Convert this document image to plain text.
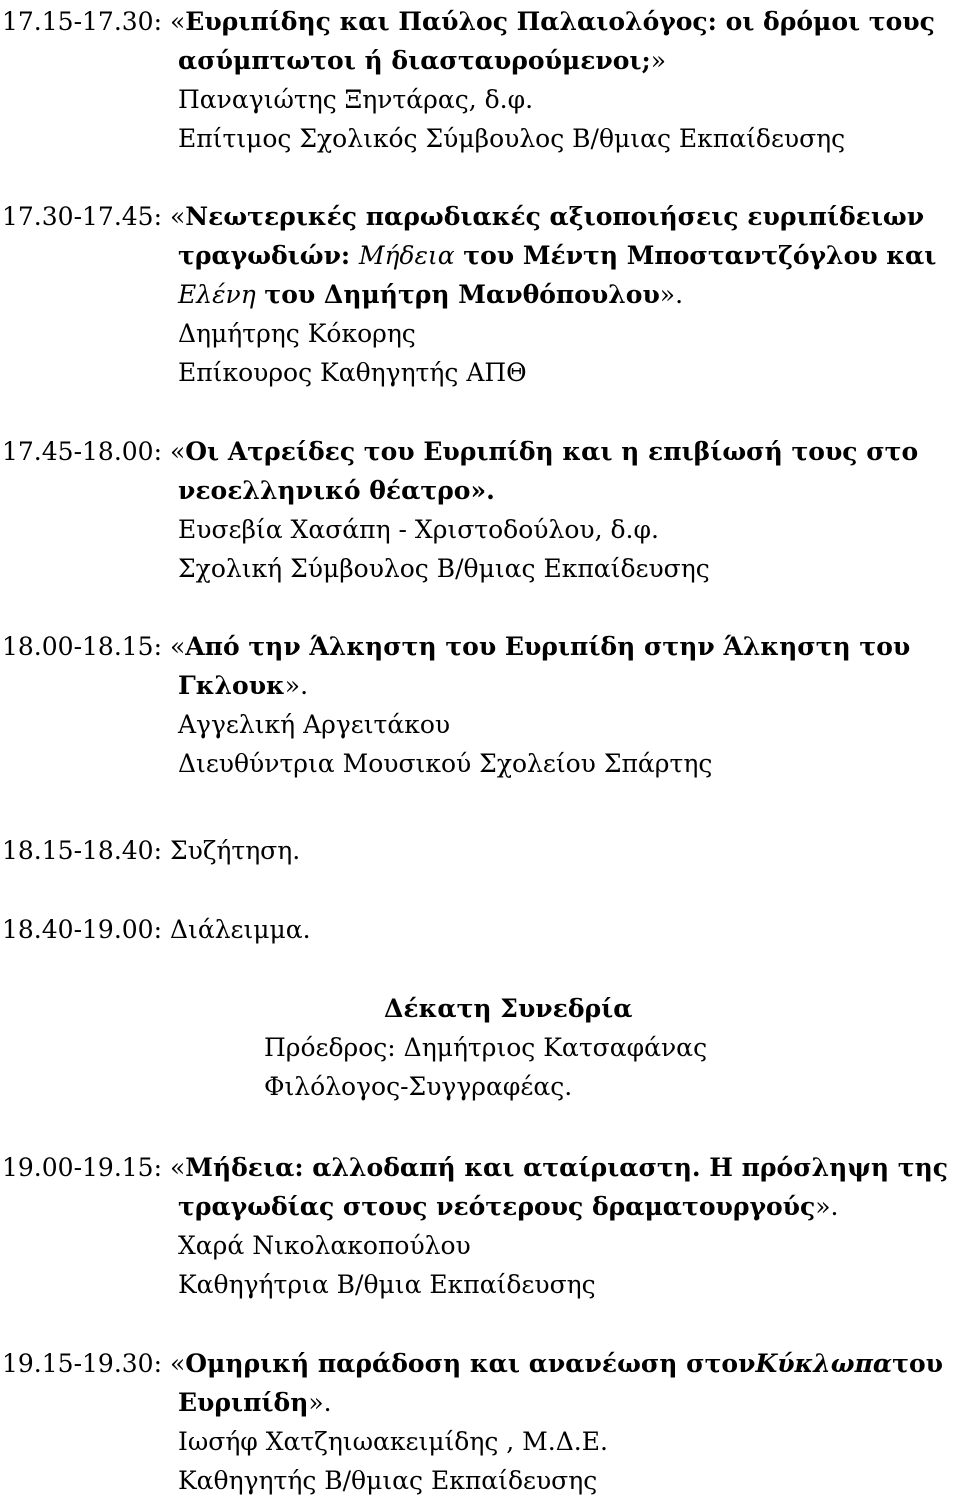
17.15-17.30: « Ευριπίδης και Παύλος Παλαιολόγος: οι δρόμοι τους
ασύμπτωτοι ή διασταυρούμενοι;»
Παναγιώτης Ξηντάρας, δ.φ.
Επίτιμος Σχολικός Σύμβουλος Β/θμιας Εκπαίδευσης
17.30-17.45: « Νεωτερικές παρωδιακές αξιοποιήσεις ευριπίδειων
τραγωδιών: Μήδεια του Μέντη Μποσταντζόγλου και
Ελένη του Δημήτρη Μανθόπουλου».
Δημήτρης Κόκορης
Επίκουρος Καθηγητής ΑΠΘ
17.45-18.00: « Οι Ατρείδες του Ευριπίδη και η επιβίωσή τους στο
νεοελληνικό θέατρο».
Ευσεβία Χασάπη - Χριστοδούλου, δ.φ.
Σχολική Σύμβουλος Β/θμιας Εκπαίδευσης
18.00-18.15: « Από την Άλκηστη του Ευριπίδη στην Άλκηστη του
Γκλουκ».
Αγγελική Αργειτάκου
Διευθύντρια Μουσικού Σχολείου Σπάρτης
18.15-18.40: Συζήτηση.
18.40-19.00: Διάλειμμα.
Δέκατη Συνεδρία
Πρόεδρος: Δημήτριος Κατσαφάνας
Φιλόλογος-Συγγραφέας.
19.00-19.15: « Μήδεια: αλλοδαπή και αταίριαστη. Η πρόσληψη της
τραγωδίας στους νεότερους δραματουργούς».
Χαρά Νικολακοπούλου
Καθηγήτρια Β/θμια Εκπαίδευσης
19.15-19.30: « Ομηρική παράδοση και ανανέωση στον Κύκλωπα του
Ευριπίδη».
Ιωσήφ Χατζηιωακειμίδης , Μ.Δ.Ε.
Καθηγητής Β/θμιας Εκπαίδευσης
